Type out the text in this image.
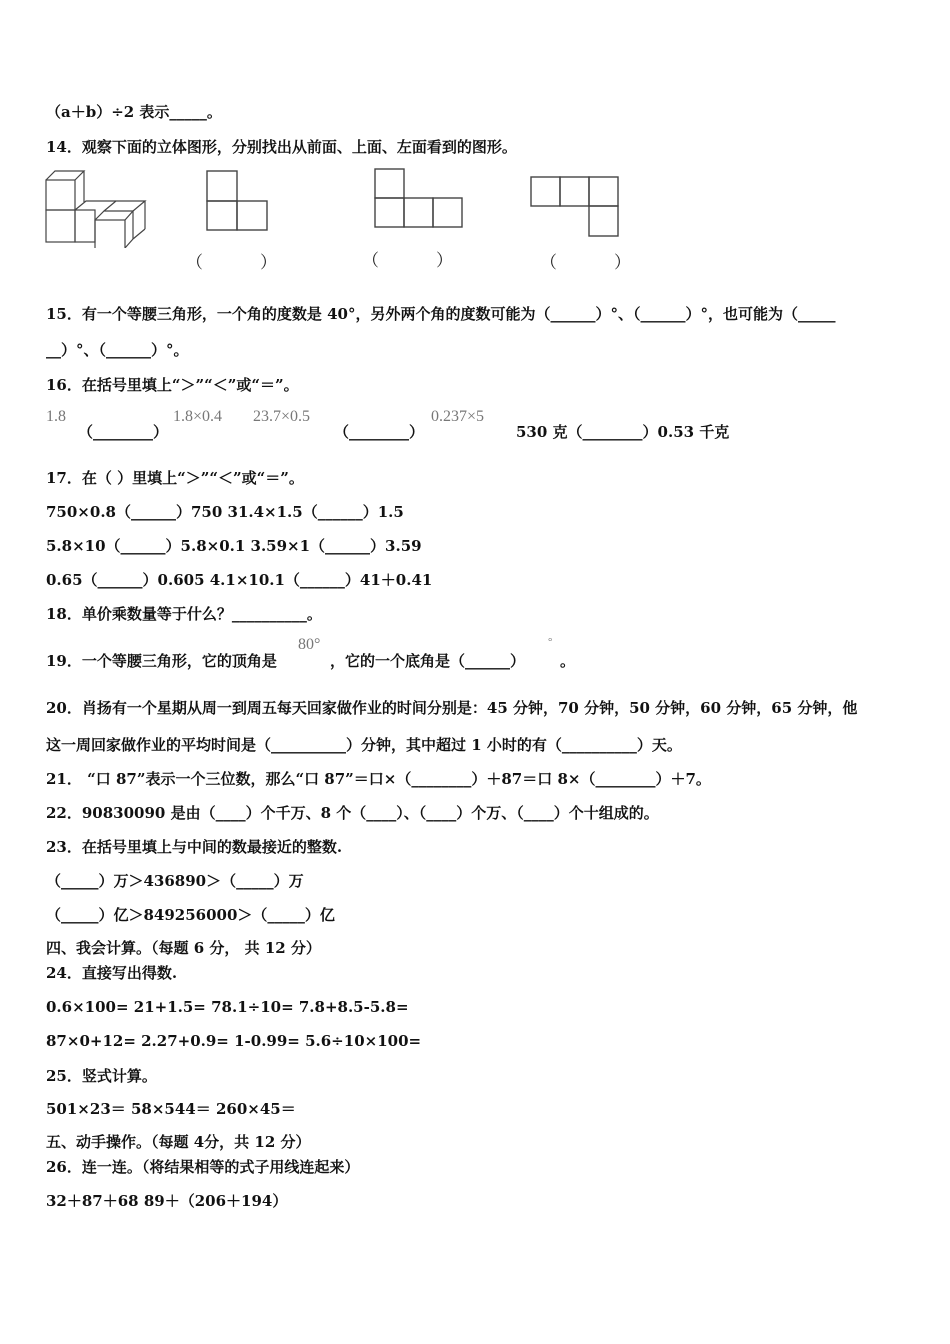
（a＋b）÷2 表示_____。
14．观察下面的立体图形，分别找出从前面、上面、左面看到的图形。
（	）	（	）	（	）
15．有一个等腰三角形，一个角的度数是 40°，另外两个角的度数可能为（______）°、（______）°，也可能为（_____
__）°、（______）°。
16．在括号里填上“＞”“＜”或“＝”。
1.8
（________）
1.8×0.4 23.7×0.5
（________）
0.237×5
530 克（________）0.53 千克
17．在（ ）里填上“＞”“＜”或“＝”。
750×0.8（______）750 31.4×1.5（______）1.5
5.8×10（______）5.8×0.1 3.59×1（______）3.59
0.65（______）0.605 4.1×10.1（______）41＋0.41
18．单价乘数量等于什么？__________。
19．一个等腰三角形，它的顶角是
80°
，它的一个底角是（______）
°
。
20．肖扬有一个星期从周一到周五每天回家做作业的时间分别是：45 分钟，70 分钟，50 分钟，60 分钟，65 分钟，他
这一周回家做作业的平均时间是（__________）分钟，其中超过 1 小时的有（__________）天。
21． “口 87”表示一个三位数，那么“口 87”＝口×（________）＋87＝口 8×（________）＋7。
22．90830090 是由（____）个千万、8 个（____）、（____）个万、（____）个十组成的。
23．在括号里填上与中间的数最接近的整数.
（_____）万＞436890＞（_____）万
（_____）亿＞849256000＞（_____）亿
四、我会计算。（每题 6 分， 共 12 分）
24．直接写出得数.
0.6×100= 21+1.5= 78.1÷10= 7.8+8.5-5.8=
87×0+12= 2.27+0.9= 1-0.99= 5.6÷10×100=
25．竖式计算。
501×23＝ 58×544＝ 260×45＝
五、动手操作。（每题 4分，共 12 分）
26．连一连。（将结果相等的式子用线连起来）
32＋87＋68 89＋（206＋194）
